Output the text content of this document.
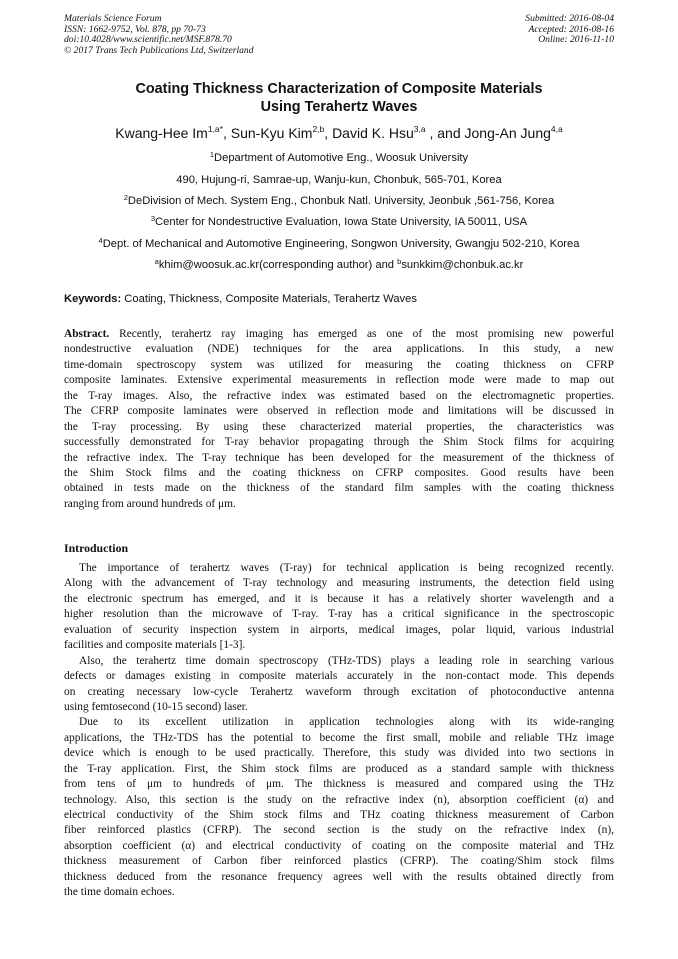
Materials Science Forum
ISSN: 1662-9752, Vol. 878, pp 70-73
doi:10.4028/www.scientific.net/MSF.878.70
© 2017 Trans Tech Publications Ltd, Switzerland
Submitted: 2016-08-04
Accepted: 2016-08-16
Online: 2016-11-10
Coating Thickness Characterization of Composite Materials
Using Terahertz Waves
Kwang-Hee $Im^{1,a*}$, Sun-Kyu Kim$^{2,b}$, David K. Hsu$^{3,a}$ , and Jong-An Jung$^{4,a}$
$^1$Department of Automotive Eng., Woosuk University
490, Hujung-ri, Samrae-up, Wanju-kun, Chonbuk, 565-701, Korea
$^2$DeDivision of Mech. System Eng., Chonbuk Natl. University, Jeonbuk ,561-756, Korea
$^3$Center for Nondestructive Evaluation, Iowa State University, IA 50011, USA
$^4$Dept. of Mechanical and Automotive Engineering, Songwon University, Gwangju 502-210, Korea
$^a$khim@woosuk.ac.kr(corresponding author) and $^b$sunkkim@chonbuk.ac.kr
Keywords: Coating, Thickness, Composite Materials, Terahertz Waves
Abstract. Recently, terahertz ray imaging has emerged as one of the most promising new powerful
nondestructive evaluation (NDE) techniques for the area applications. In this study, a new
time-domain spectroscopy system was utilized for measuring the coating thickness on CFRP
composite laminates. Extensive experimental measurements in reflection mode were made to map out
the T-ray images. Also, the refractive index was estimated based on the electromagnetic properties.
The CFRP composite laminates were observed in reflection mode and limitations will be discussed in
the T-ray processing. By using these characterized material properties, the characteristics was
successfully demonstrated for T-ray behavior propagating through the Shim Stock films for acquiring
the refractive index. The T-ray technique has been developed for the measurement of the thickness of
the Shim Stock films and the coating thickness on CFRP composites. Good results have been
obtained in tests made on the thickness of the standard film samples with the coating thickness
ranging from around hundreds of μm.
Introduction
The importance of terahertz waves (T-ray) for technical application is being recognized recently.
Along with the advancement of T-ray technology and measuring instruments, the detection field using
the electronic spectrum has emerged, and it is because it has a relatively shorter wavelength and a
higher resolution than the microwave of T-ray. T-ray has a critical significance in the spectroscopic
evaluation of security inspection system in airports, medical images, polar liquid, various industrial
facilities and composite materials [1-3].
Also, the terahertz time domain spectroscopy (THz-TDS) plays a leading role in searching various
defects or damages existing in composite materials accurately in the non-contact mode. This depends
on creating necessary low-cycle Terahertz waveform through excitation of photoconductive antenna
using femtosecond (10-15 second) laser.
Due to its excellent utilization in application technologies along with its wide-ranging
applications, the THz-TDS has the potential to become the first small, mobile and reliable THz image
device which is enough to be used practically. Therefore, this study was divided into two sections in
the T-ray application. First, the Shim stock films are produced as a standard sample with thickness
from tens of μm to hundreds of μm. The thickness is measured and compared using the THz
technology. Also, this section is the study on the refractive index (n), absorption coefficient (α) and
electrical conductivity of the Shim stock films and THz coating thickness measurement of Carbon
fiber reinforced plastics (CFRP). The second section is the study on the refractive index (n),
absorption coefficient (α) and electrical conductivity of coating on the composite material and THz
thickness measurement of Carbon fiber reinforced plastics (CFRP). The coating/Shim stock films
thickness deduced from the resonance frequency agrees well with the results obtained directly from
the time domain echoes.
